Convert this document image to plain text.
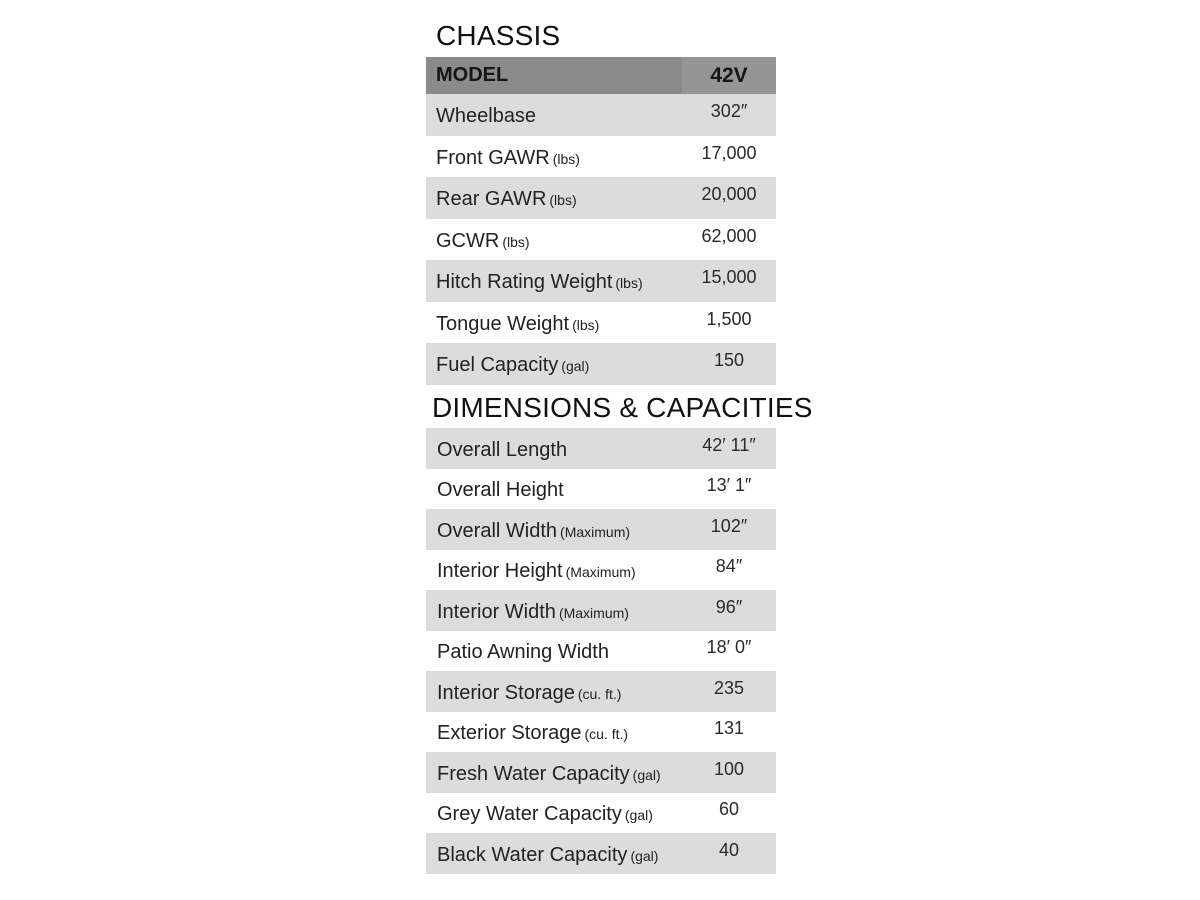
CHASSIS
MODEL	42V
Wheelbase	302″
Front GAWR (lbs)	17,000
Rear GAWR (lbs)	20,000
GCWR (lbs)	62,000
Hitch Rating Weight (lbs)	15,000
Tongue Weight (lbs)	1,500
Fuel Capacity (gal)	150
DIMENSIONS & CAPACITIES
Overall Length	42′ 11″
Overall Height	13′ 1″
Overall Width (Maximum)	102″
Interior Height (Maximum)	84″
Interior Width (Maximum)	96″
Patio Awning Width	18′ 0″
Interior Storage (cu. ft.)	235
Exterior Storage (cu. ft.)	131
Fresh Water Capacity (gal)	100
Grey Water Capacity (gal)	60
Black Water Capacity (gal)	40
